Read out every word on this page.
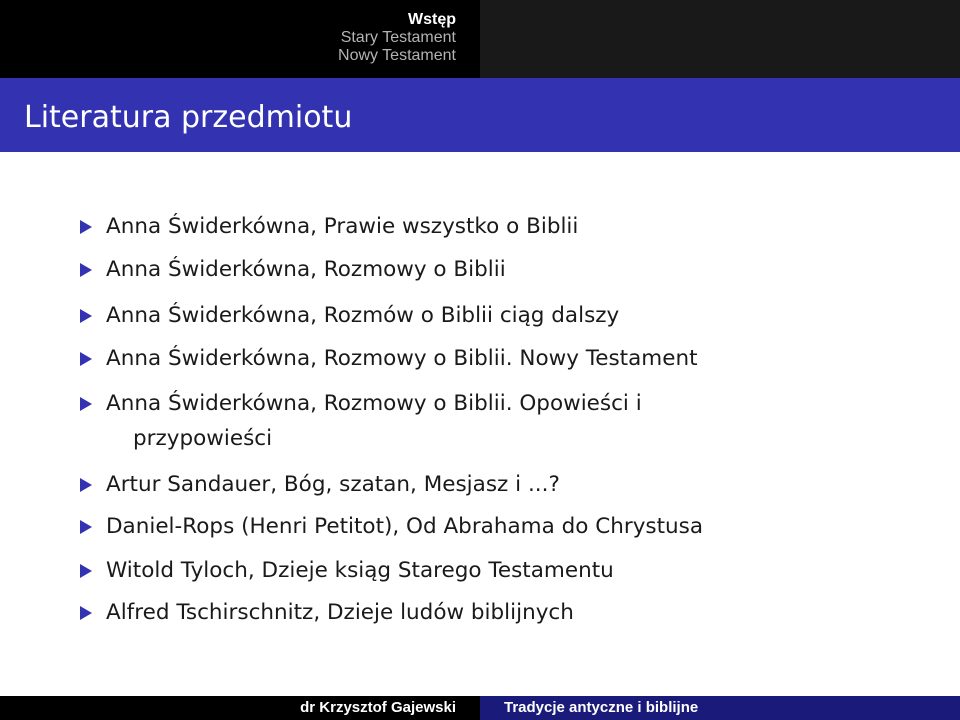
Wstęp
Stary Testament
Nowy Testament
Literatura przedmiotu
Anna Świderkówna, Prawie wszystko o Biblii
Anna Świderkówna, Rozmowy o Biblii
Anna Świderkówna, Rozmów o Biblii ciąg dalszy
Anna Świderkówna, Rozmowy o Biblii. Nowy Testament
Anna Świderkówna, Rozmowy o Biblii. Opowieści i
przypowieści
Artur Sandauer, Bóg, szatan, Mesjasz i ...?
Daniel-Rops (Henri Petitot), Od Abrahama do Chrystusa
Witold Tyloch, Dzieje ksiąg Starego Testamentu
Alfred Tschirschnitz, Dzieje ludów biblijnych
dr Krzysztof Gajewski	Tradycje antyczne i biblijne
